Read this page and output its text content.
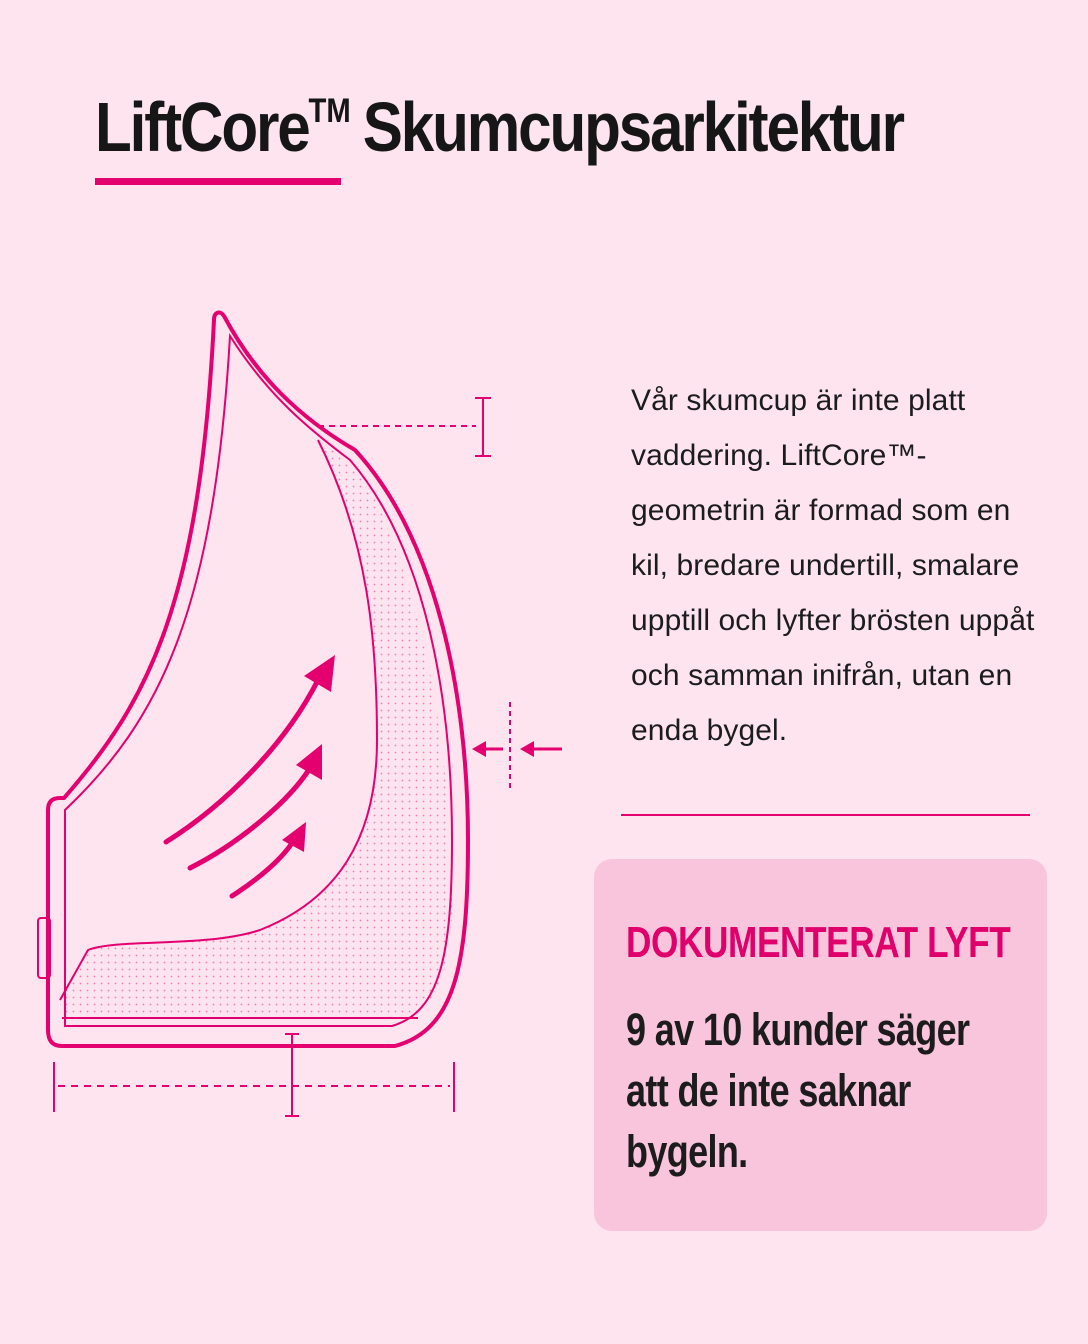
LiftCore™ Skumcupsarkitektur

Vår skumcup är inte platt vaddering. LiftCore™-geometrin är formad som en kil, bredare undertill, smalare upptill och lyfter brösten uppåt och samman inifrån, utan en enda bygel.

DOKUMENTERAT LYFT

9 av 10 kunder säger att de inte saknar bygeln.
